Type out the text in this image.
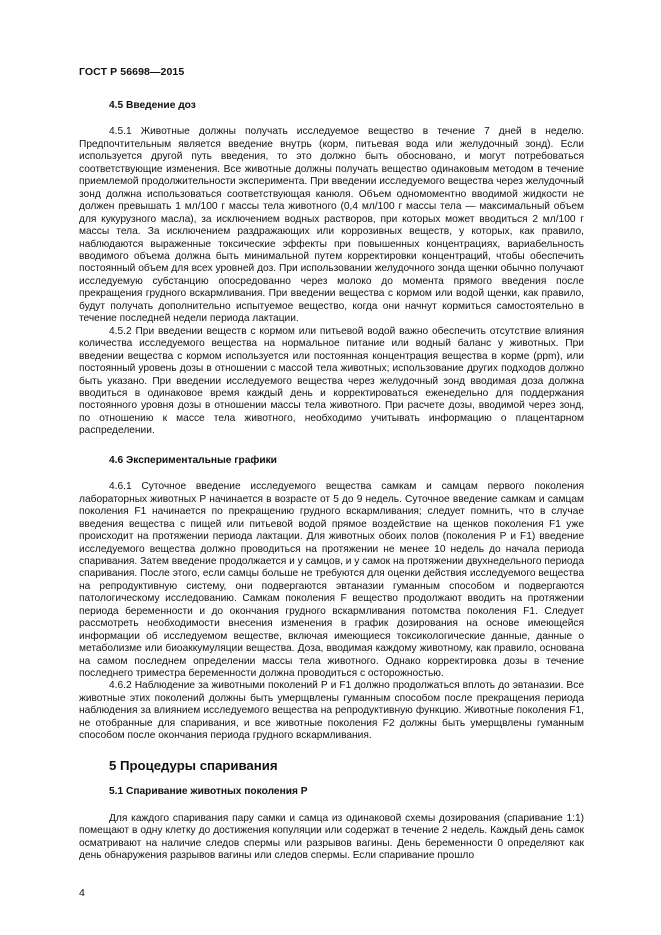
ГОСТ Р 56698—2015
4.5 Введение доз

4.5.1 Животные должны получать исследуемое вещество в течение 7 дней в неделю. Предпочтительным является введение внутрь (корм, питьевая вода или желудочный зонд). Если используется другой путь введения, то это должно быть обосновано, и могут потребоваться соответствующие изменения. Все животные должны получать вещество одинаковым методом в течение приемлемой продолжительности эксперимента. При введении исследуемого вещества через желудочный зонд должна использоваться соответствующая канюля. Объем одномоментно вводимой жидкости не должен превышать 1 мл/100 г массы тела животного (0,4 мл/100 г массы тела — максимальный объем для кукурузного масла), за исключением водных растворов, при которых может вводиться 2 мл/100 г массы тела. За исключением раздражающих или коррозивных веществ, у которых, как правило, наблюдаются выраженные токсические эффекты при повышенных концентрациях, вариабельность вводимого объема должна быть минимальной путем корректировки концентраций, чтобы обеспечить постоянный объем для всех уровней доз. При использовании желудочного зонда щенки обычно получают исследуемую субстанцию опосредованно через молоко до момента прямого введения после прекращения грудного вскармливания. При введении вещества с кормом или водой щенки, как правило, будут получать дополнительно испытуемое вещество, когда они начнут кормиться самостоятельно в течение последней недели периода лактации.

4.5.2 При введении веществ с кормом или питьевой водой важно обеспечить отсутствие влияния количества исследуемого вещества на нормальное питание или водный баланс у животных. При введении вещества с кормом используется или постоянная концентрация вещества в корме (ppm), или постоянный уровень дозы в отношении с массой тела животных; использование других подходов должно быть указано. При введении исследуемого вещества через желудочный зонд вводимая доза должна вводиться в одинаковое время каждый день и корректироваться еженедельно для поддержания постоянного уровня дозы в отношении массы тела животного. При расчете дозы, вводимой через зонд, по отношению к массе тела животного, необходимо учитывать информацию о плацентарном распределении.

4.6 Экспериментальные графики

4.6.1 Суточное введение исследуемого вещества самкам и самцам первого поколения лабораторных животных Р начинается в возрасте от 5 до 9 недель. Суточное введение самкам и самцам поколения F1 начинается по прекращению грудного вскармливания; следует помнить, что в случае введения вещества с пищей или питьевой водой прямое воздействие на щенков поколения F1 уже происходит на протяжении периода лактации. Для животных обоих полов (поколения Р и F1) введение исследуемого вещества должно проводиться на протяжении не менее 10 недель до начала периода спаривания. Затем введение продолжается и у самцов, и у самок на протяжении двухнедельного периода спаривания. После этого, если самцы больше не требуются для оценки действия исследуемого вещества на репродуктивную систему, они подвергаются эвтаназии гуманным способом и подвергаются патологическому исследованию. Самкам поколения F вещество продолжают вводить на протяжении периода беременности и до окончания грудного вскармливания потомства поколения F1. Следует рассмотреть необходимости внесения изменения в график дозирования на основе имеющейся информации об исследуемом веществе, включая имеющиеся токсикологические данные, данные о метаболизме или биоаккумуляции вещества. Доза, вводимая каждому животному, как правило, основана на самом последнем определении массы тела животного. Однако корректировка дозы в течение последнего триместра беременности должна проводиться с осторожностью.

4.6.2 Наблюдение за животными поколений Р и F1 должно продолжаться вплоть до эвтаназии. Все животные этих поколений должны быть умерщвлены гуманным способом после прекращения периода наблюдения за влиянием исследуемого вещества на репродуктивную функцию. Животные поколения F1, не отобранные для спаривания, и все животные поколения F2 должны быть умерщвлены гуманным способом после окончания периода грудного вскармливания.

5 Процедуры спаривания
5.1 Спаривание животных поколения Р

Для каждого спаривания пару самки и самца из одинаковой схемы дозирования (спаривание 1:1) помещают в одну клетку до достижения копуляции или содержат в течение 2 недель. Каждый день самок осматривают на наличие следов спермы или разрывов вагины. День беременности 0 определяют как день обнаружения разрывов вагины или следов спермы. Если спаривание прошло

4
